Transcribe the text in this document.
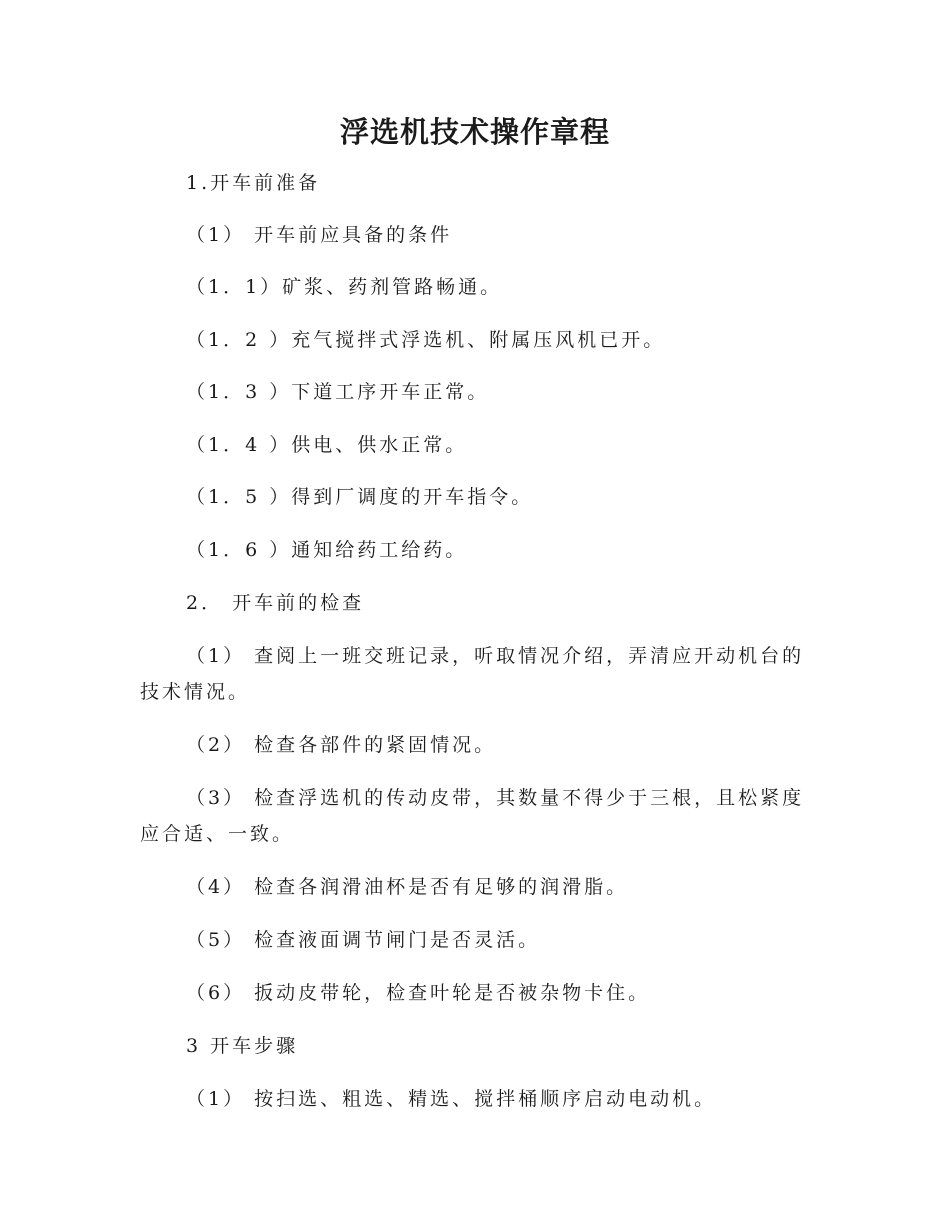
浮选机技术操作章程

1.开车前准备

（1） 开车前应具备的条件

（1．1）矿浆、药剂管路畅通。

（1．2 ）充气搅拌式浮选机、附属压风机已开。

（1．3 ）下道工序开车正常。

（1．4 ）供电、供水正常。

（1．5 ）得到厂调度的开车指令。

（1．6 ）通知给药工给药。

2． 开车前的检查

（1） 查阅上一班交班记录，听取情况介绍，弄清应开动机台的技术情况。

（2） 检查各部件的紧固情况。

（3） 检查浮选机的传动皮带，其数量不得少于三根，且松紧度应合适、一致。

（4） 检查各润滑油杯是否有足够的润滑脂。

（5） 检查液面调节闸门是否灵活。

（6） 扳动皮带轮，检查叶轮是否被杂物卡住。

3 开车步骤

（1） 按扫选、粗选、精选、搅拌桶顺序启动电动机。
